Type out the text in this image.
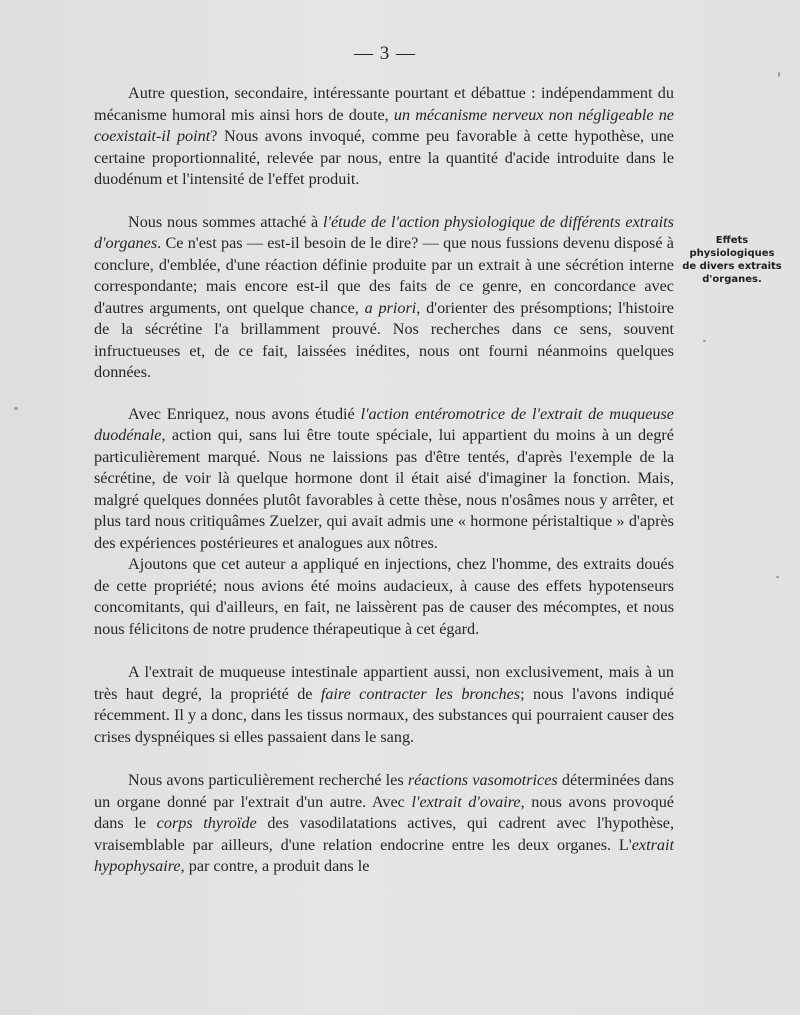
— 3 —

Autre question, secondaire, intéressante pourtant et débattue : indépendamment du mécanisme humoral mis ainsi hors de doute, un mécanisme nerveux non négligeable ne coexistait-il point? Nous avons invoqué, comme peu favorable à cette hypothèse, une certaine proportionnalité, relevée par nous, entre la quantité d'acide introduite dans le duodénum et l'intensité de l'effet produit.

Nous nous sommes attaché à l'étude de l'action physiologique de différents extraits d'organes. Ce n'est pas — est-il besoin de le dire? — que nous fussions devenu disposé à conclure, d'emblée, d'une réaction définie produite par un extrait à une sécrétion interne correspondante; mais encore est-il que des faits de ce genre, en concordance avec d'autres arguments, ont quelque chance, a priori, d'orienter des présomptions; l'histoire de la sécrétine l'a brillamment prouvé. Nos recherches dans ce sens, souvent infructueuses et, de ce fait, laissées inédites, nous ont fourni néanmoins quelques données.

Avec Enriquez, nous avons étudié l'action entéromotrice de l'extrait de muqueuse duodénale, action qui, sans lui être toute spéciale, lui appartient du moins à un degré particulièrement marqué. Nous ne laissions pas d'être tentés, d'après l'exemple de la sécrétine, de voir là quelque hormone dont il était aisé d'imaginer la fonction. Mais, malgré quelques données plutôt favorables à cette thèse, nous n'osâmes nous y arrêter, et plus tard nous critiquâmes Zuelzer, qui avait admis une « hormone péristaltique » d'après des expériences postérieures et analogues aux nôtres.

Ajoutons que cet auteur a appliqué en injections, chez l'homme, des extraits doués de cette propriété; nous avions été moins audacieux, à cause des effets hypotenseurs concomitants, qui d'ailleurs, en fait, ne laissèrent pas de causer des mécomptes, et nous nous félicitons de notre prudence thérapeutique à cet égard.

A l'extrait de muqueuse intestinale appartient aussi, non exclusivement, mais à un très haut degré, la propriété de faire contracter les bronches; nous l'avons indiqué récemment. Il y a donc, dans les tissus normaux, des substances qui pourraient causer des crises dyspnéiques si elles passaient dans le sang.

Nous avons particulièrement recherché les réactions vasomotrices déterminées dans un organe donné par l'extrait d'un autre. Avec l'extrait d'ovaire, nous avons provoqué dans le corps thyroïde des vasodilatations actives, qui cadrent avec l'hypothèse, vraisemblable par ailleurs, d'une relation endocrine entre les deux organes. L'extrait hypophysaire, par contre, a produit dans le

Effets physiologiques de divers extraits d'organes.
